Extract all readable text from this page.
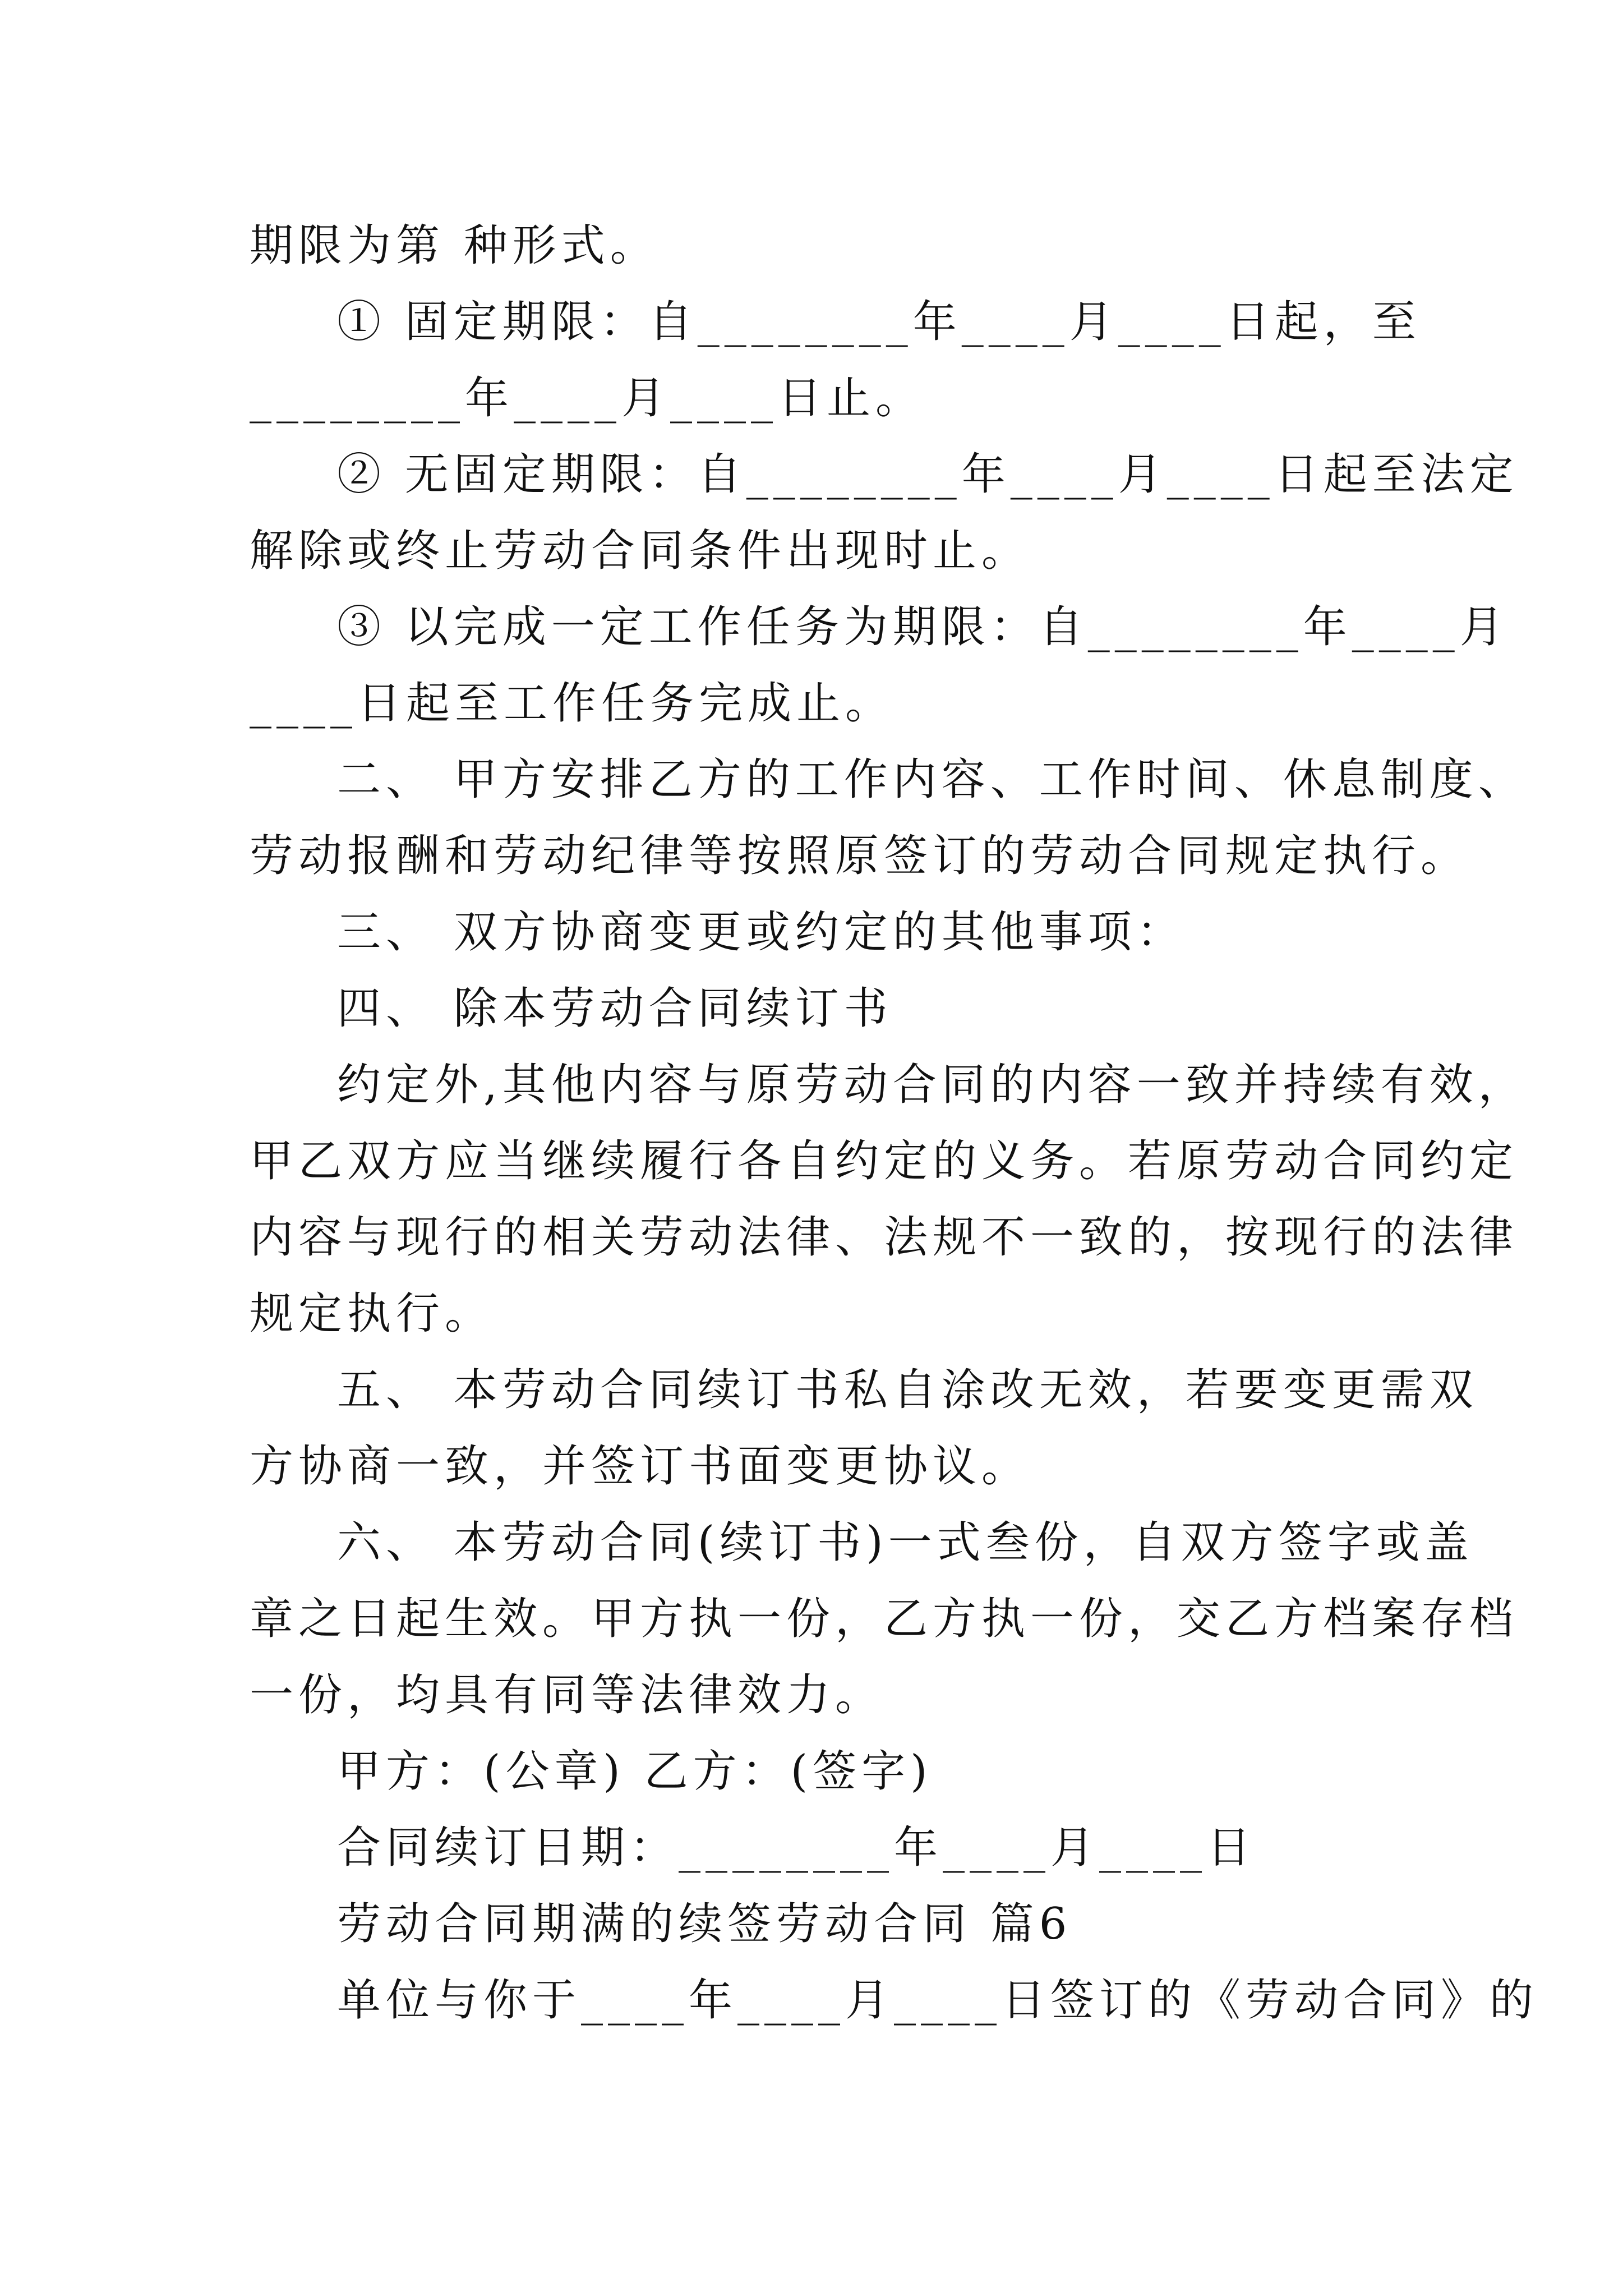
期限为第 种形式。
① 固定期限：自________年____月____日起，至
________年____月____日止。
② 无固定期限：自________年____月____日起至法定
解除或终止劳动合同条件出现时止。
③ 以完成一定工作任务为期限：自________年____月
____日起至工作任务完成止。
二、 甲方安排乙方的工作内容、工作时间、休息制度、
劳动报酬和劳动纪律等按照原签订的劳动合同规定执行。
三、 双方协商变更或约定的其他事项：
四、 除本劳动合同续订书
约定外,其他内容与原劳动合同的内容一致并持续有效，
甲乙双方应当继续履行各自约定的义务。若原劳动合同约定
内容与现行的相关劳动法律、法规不一致的，按现行的法律
规定执行。
五、 本劳动合同续订书私自涂改无效，若要变更需双
方协商一致，并签订书面变更协议。
六、 本劳动合同(续订书)一式叁份，自双方签字或盖
章之日起生效。甲方执一份，乙方执一份，交乙方档案存档
一份，均具有同等法律效力。
甲方：(公章) 乙方：(签字)
合同续订日期：________年____月____日
劳动合同期满的续签劳动合同 篇6
单位与你于____年____月____日签订的《劳动合同》的
